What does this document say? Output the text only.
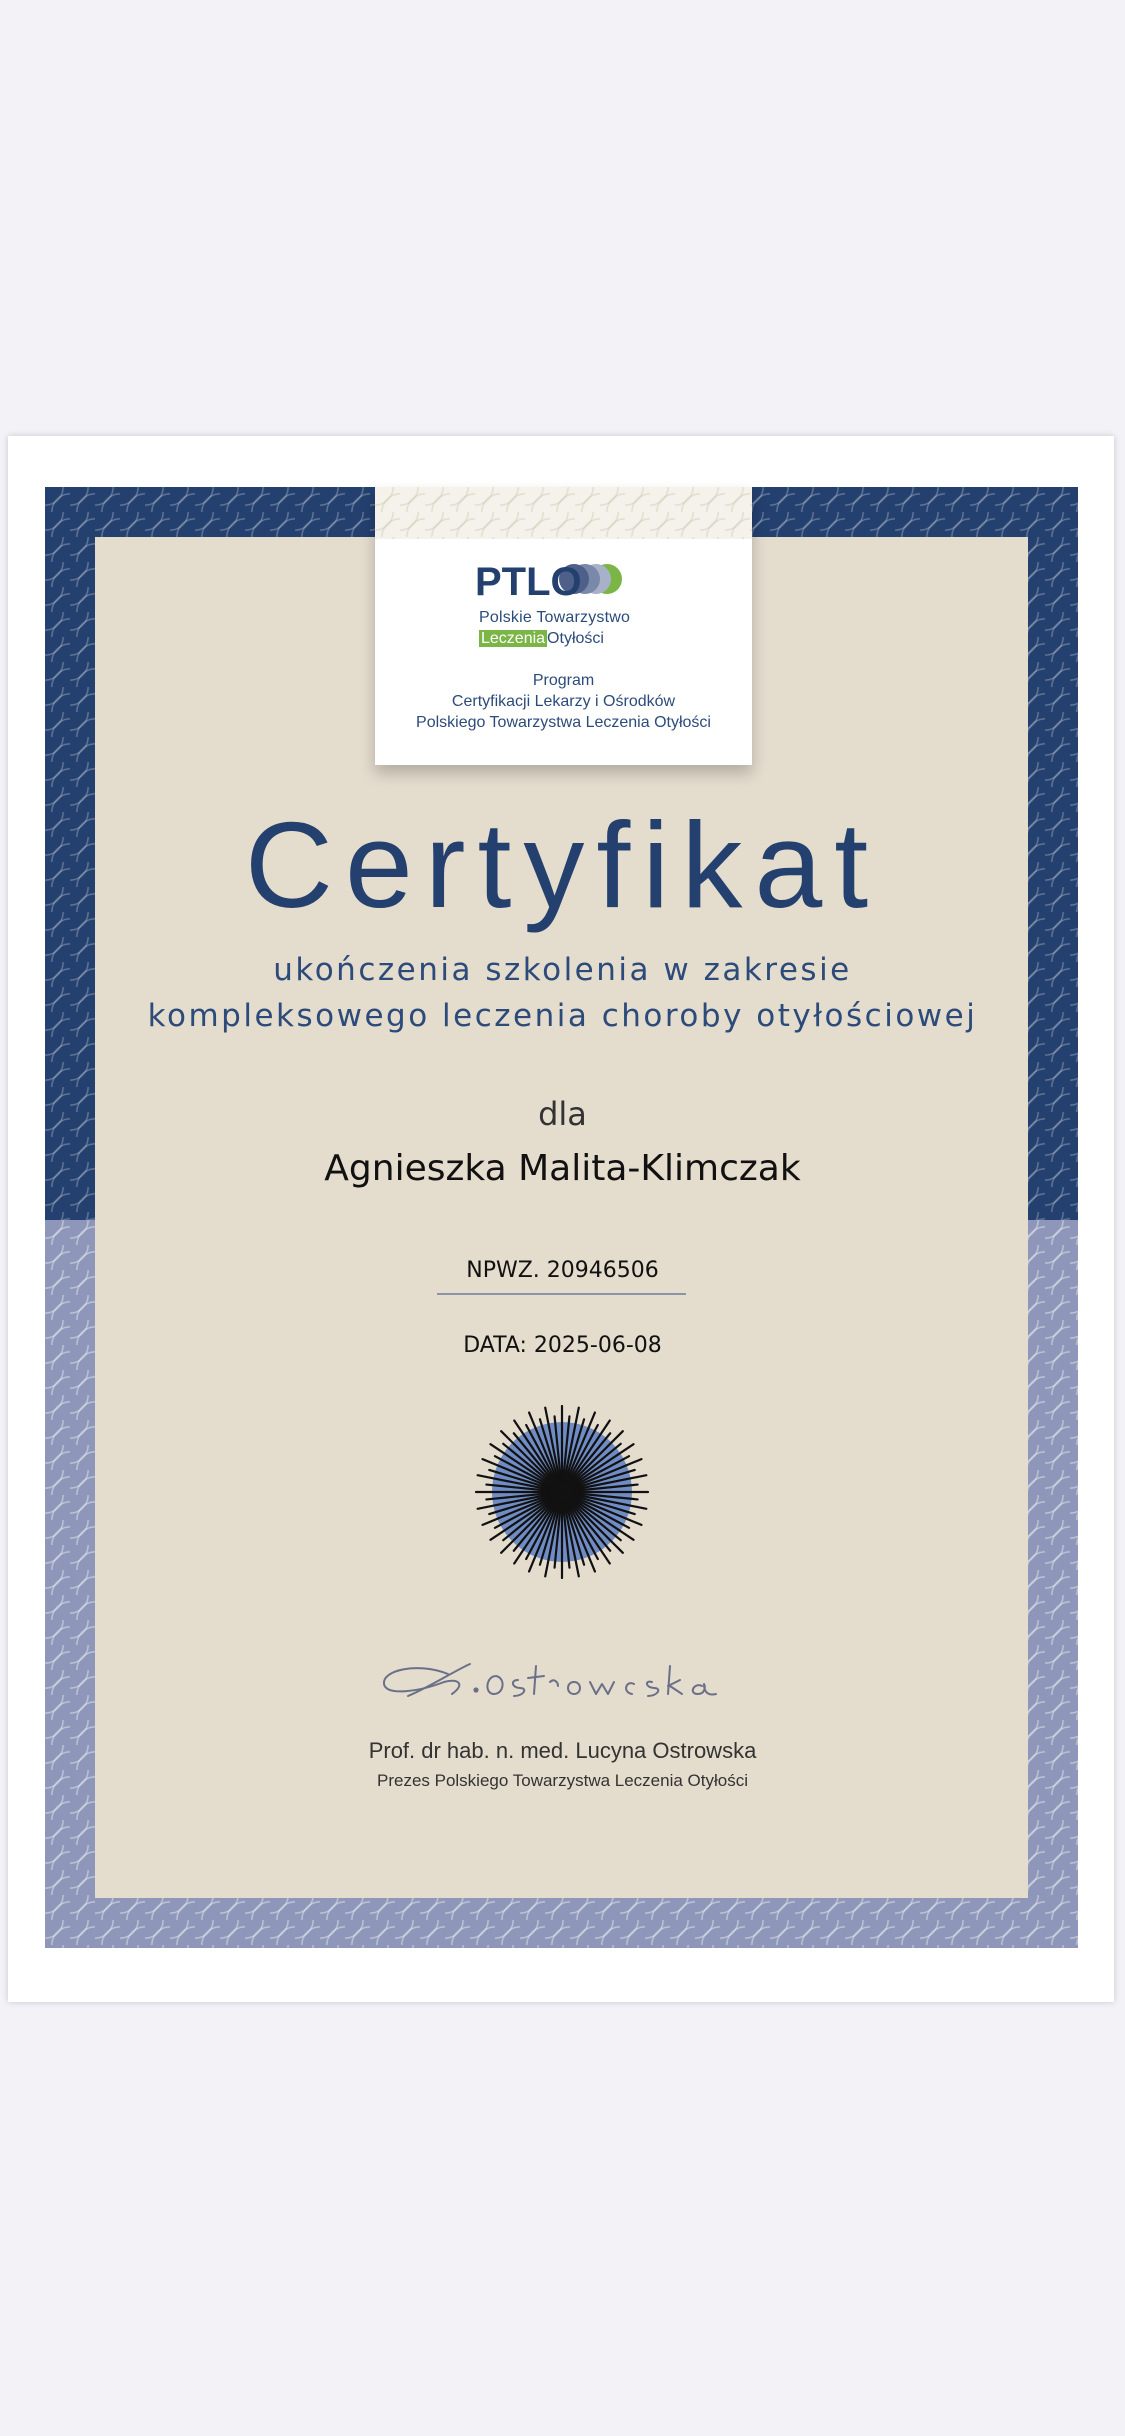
PTLO
Polskie Towarzystwo
Leczenia Otyłości
Program
Certyfikacji Lekarzy i Ośrodków
Polskiego Towarzystwa Leczenia Otyłości
Certyfikat
ukończenia szkolenia w zakresie
kompleksowego leczenia choroby otyłościowej
dla
Agnieszka Malita-Klimczak
NPWZ. 20946506
DATA: 2025-06-08
Prof. dr hab. n. med. Lucyna Ostrowska
Prezes Polskiego Towarzystwa Leczenia Otyłości
